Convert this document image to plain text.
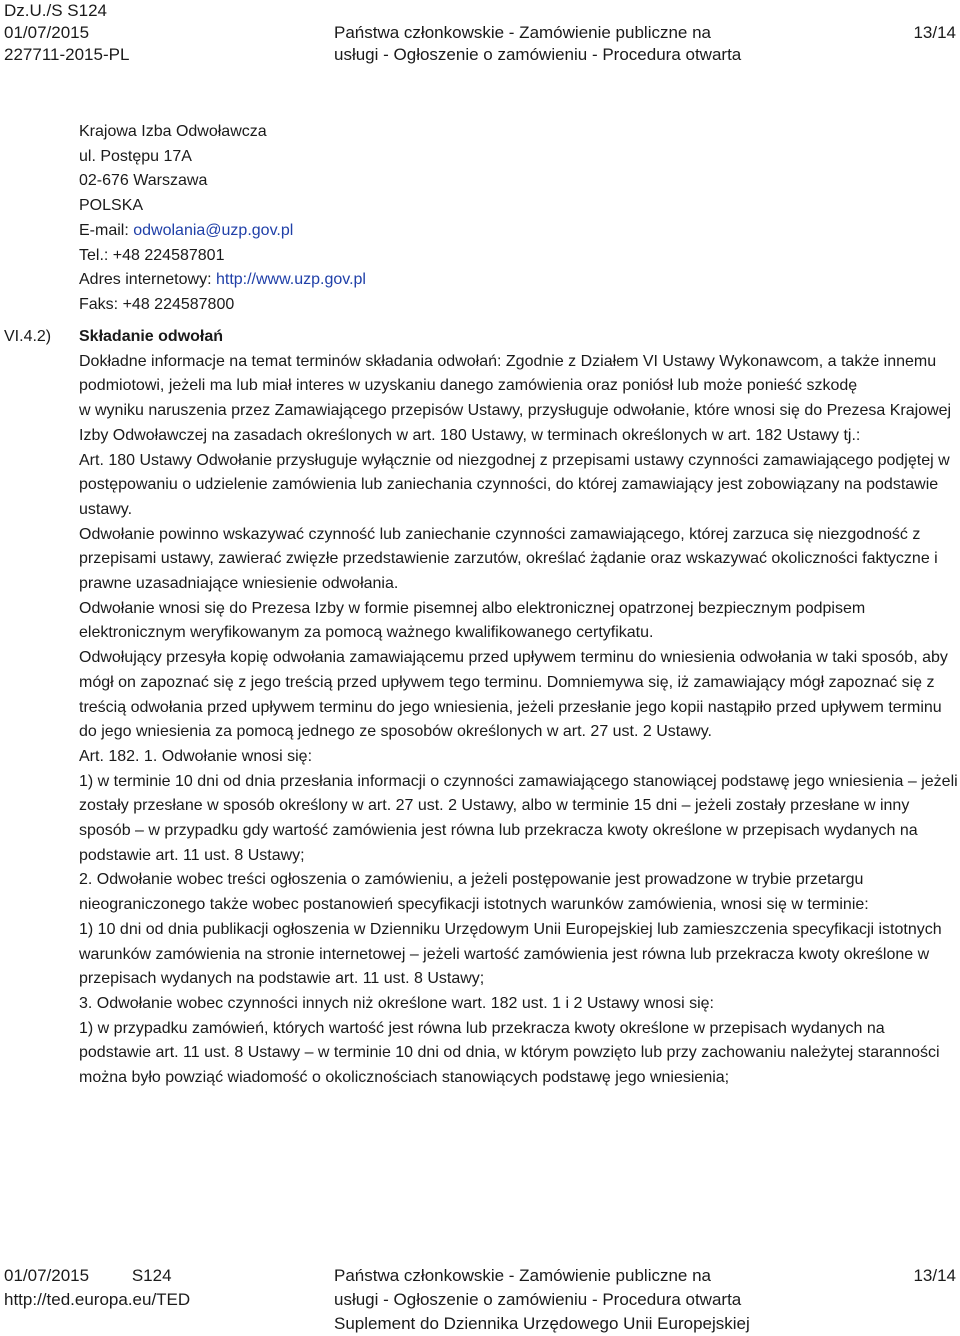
Dz.U./S S124
01/07/2015
227711-2015-PL
Państwa członkowskie - Zamówienie publiczne na
usługi - Ogłoszenie o zamówieniu - Procedura otwarta
13/14
Krajowa Izba Odwoławcza
ul. Postępu 17A
02-676 Warszawa
POLSKA
E-mail: odwolania@uzp.gov.pl
Tel.: +48 224587801
Adres internetowy: http://www.uzp.gov.pl
Faks: +48 224587800
VI.4.2) Składanie odwołań

Dokładne informacje na temat terminów składania odwołań: Zgodnie z Działem VI Ustawy Wykonawcom, a także innemu podmiotowi, jeżeli ma lub miał interes w uzyskaniu danego zamówienia oraz poniósł lub może ponieść szkodę

w wyniku naruszenia przez Zamawiającego przepisów Ustawy, przysługuje odwołanie, które wnosi się do Prezesa Krajowej Izby Odwoławczej na zasadach określonych w art. 180 Ustawy, w terminach określonych w art. 182 Ustawy tj.:

Art. 180 Ustawy Odwołanie przysługuje wyłącznie od niezgodnej z przepisami ustawy czynności zamawiającego podjętej w postępowaniu o udzielenie zamówienia lub zaniechania czynności, do której zamawiający jest zobowiązany na podstawie ustawy.

Odwołanie powinno wskazywać czynność lub zaniechanie czynności zamawiającego, której zarzuca się niezgodność z przepisami ustawy, zawierać zwięzłe przedstawienie zarzutów, określać żądanie oraz wskazywać okoliczności faktyczne i prawne uzasadniające wniesienie odwołania.

Odwołanie wnosi się do Prezesa Izby w formie pisemnej albo elektronicznej opatrzonej bezpiecznym podpisem elektronicznym weryfikowanym za pomocą ważnego kwalifikowanego certyfikatu.

Odwołujący przesyła kopię odwołania zamawiającemu przed upływem terminu do wniesienia odwołania w taki sposób, aby mógł on zapoznać się z jego treścią przed upływem tego terminu. Domniemywa się, iż zamawiający mógł zapoznać się z treścią odwołania przed upływem terminu do jego wniesienia, jeżeli przesłanie jego kopii nastąpiło przed upływem terminu do jego wniesienia za pomocą jednego ze sposobów określonych w art. 27 ust. 2 Ustawy.

Art. 182. 1. Odwołanie wnosi się:

1) w terminie 10 dni od dnia przesłania informacji o czynności zamawiającego stanowiącej podstawę jego wniesienia – jeżeli zostały przesłane w sposób określony w art. 27 ust. 2 Ustawy, albo w terminie 15 dni – jeżeli zostały przesłane w inny sposób – w przypadku gdy wartość zamówienia jest równa lub przekracza kwoty określone w przepisach wydanych na podstawie art. 11 ust. 8 Ustawy;

2. Odwołanie wobec treści ogłoszenia o zamówieniu, a jeżeli postępowanie jest prowadzone w trybie przetargu nieograniczonego także wobec postanowień specyfikacji istotnych warunków zamówienia, wnosi się w terminie:

1) 10 dni od dnia publikacji ogłoszenia w Dzienniku Urzędowym Unii Europejskiej lub zamieszczenia specyfikacji istotnych warunków zamówienia na stronie internetowej – jeżeli wartość zamówienia jest równa lub przekracza kwoty określone w przepisach wydanych na podstawie art. 11 ust. 8 Ustawy;

3. Odwołanie wobec czynności innych niż określone wart. 182 ust. 1 i 2 Ustawy wnosi się:

1) w przypadku zamówień, których wartość jest równa lub przekracza kwoty określone w przepisach wydanych na podstawie art. 11 ust. 8 Ustawy – w terminie 10 dni od dnia, w którym powzięto lub przy zachowaniu należytej staranności można było powziąć wiadomość o okolicznościach stanowiących podstawę jego wniesienia;

01/07/2015	S124
http://ted.europa.eu/TED
Państwa członkowskie - Zamówienie publiczne na
usługi - Ogłoszenie o zamówieniu - Procedura otwarta
Suplement do Dziennika Urzędowego Unii Europejskiej
13/14
